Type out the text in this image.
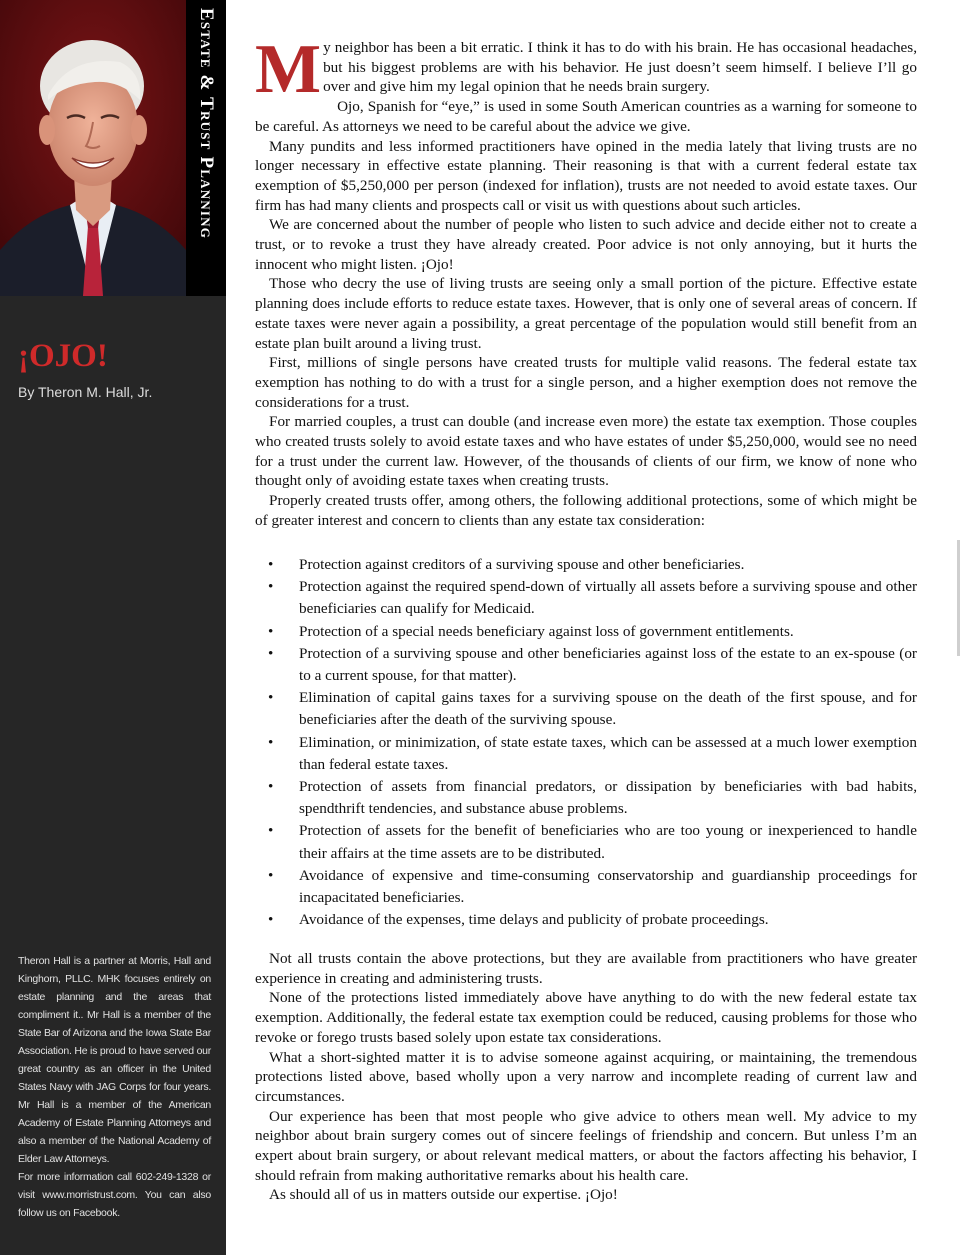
Estate & Trust Planning
¡OJO!
By Theron M. Hall, Jr.

Theron Hall is a partner at Morris, Hall and Kinghorn, PLLC. MHK focuses entirely on estate planning and the areas that compliment it.. Mr Hall is a member of the State Bar of Arizona and the Iowa State Bar Association. He is proud to have served our great country as an officer in the United States Navy with JAG Corps for four years. Mr Hall is a member of the American Academy of Estate Planning Attorneys and also a member of the National Academy of Elder Law Attorneys.

For more information call 602-249-1328 or visit www.morristrust.com. You can also follow us on Facebook.

My neighbor has been a bit erratic. I think it has to do with his brain. He has occasional headaches, but his biggest problems are with his behavior. He just doesn’t seem himself. I believe I’ll go over and give him my legal opinion that he needs brain surgery.

Ojo, Spanish for “eye,” is used in some South American countries as a warning for someone to be careful. As attorneys we need to be careful about the advice we give.

Many pundits and less informed practitioners have opined in the media lately that living trusts are no longer necessary in effective estate planning. Their reasoning is that with a current federal estate tax exemption of $5,250,000 per person (indexed for inflation), trusts are not needed to avoid estate taxes. Our firm has had many clients and prospects call or visit us with questions about such articles.

We are concerned about the number of people who listen to such advice and decide either not to create a trust, or to revoke a trust they have already created. Poor advice is not only annoying, but it hurts the innocent who might listen. ¡Ojo!

Those who decry the use of living trusts are seeing only a small portion of the picture. Effective estate planning does include efforts to reduce estate taxes. However, that is only one of several areas of concern. If estate taxes were never again a possibility, a great percentage of the population would still benefit from an estate plan built around a living trust.

First, millions of single persons have created trusts for multiple valid reasons. The federal estate tax exemption has nothing to do with a trust for a single person, and a higher exemption does not remove the considerations for a trust.

For married couples, a trust can double (and increase even more) the estate tax exemption. Those couples who created trusts solely to avoid estate taxes and who have estates of under $5,250,000, would see no need for a trust under the current law. However, of the thousands of clients of our firm, we know of none who thought only of avoiding estate taxes when creating trusts.

Properly created trusts offer, among others, the following additional protections, some of which might be of greater interest and concern to clients than any estate tax consideration:

• Protection against creditors of a surviving spouse and other beneficiaries.
• Protection against the required spend-down of virtually all assets before a surviving spouse and other beneficiaries can qualify for Medicaid.
• Protection of a special needs beneficiary against loss of government entitlements.
• Protection of a surviving spouse and other beneficiaries against loss of the estate to an ex-spouse (or to a current spouse, for that matter).
• Elimination of capital gains taxes for a surviving spouse on the death of the first spouse, and for beneficiaries after the death of the surviving spouse.
• Elimination, or minimization, of state estate taxes, which can be assessed at a much lower exemption than federal estate taxes.
• Protection of assets from financial predators, or dissipation by beneficiaries with bad habits, spendthrift tendencies, and substance abuse problems.
• Protection of assets for the benefit of beneficiaries who are too young or inexperienced to handle their affairs at the time assets are to be distributed.
• Avoidance of expensive and time-consuming conservatorship and guardianship proceedings for incapacitated beneficiaries.
• Avoidance of the expenses, time delays and publicity of probate proceedings.

Not all trusts contain the above protections, but they are available from practitioners who have greater experience in creating and administering trusts.

None of the protections listed immediately above have anything to do with the new federal estate tax exemption. Additionally, the federal estate tax exemption could be reduced, causing problems for those who revoke or forego trusts based solely upon estate tax considerations.

What a short-sighted matter it is to advise someone against acquiring, or maintaining, the tremendous protections listed above, based wholly upon a very narrow and incomplete reading of current law and circumstances.

Our experience has been that most people who give advice to others mean well. My advice to my neighbor about brain surgery comes out of sincere feelings of friendship and concern. But unless I’m an expert about brain surgery, or about relevant medical matters, or about the factors affecting his behavior, I should refrain from making authoritative remarks about his health care.

As should all of us in matters outside our expertise. ¡Ojo!
